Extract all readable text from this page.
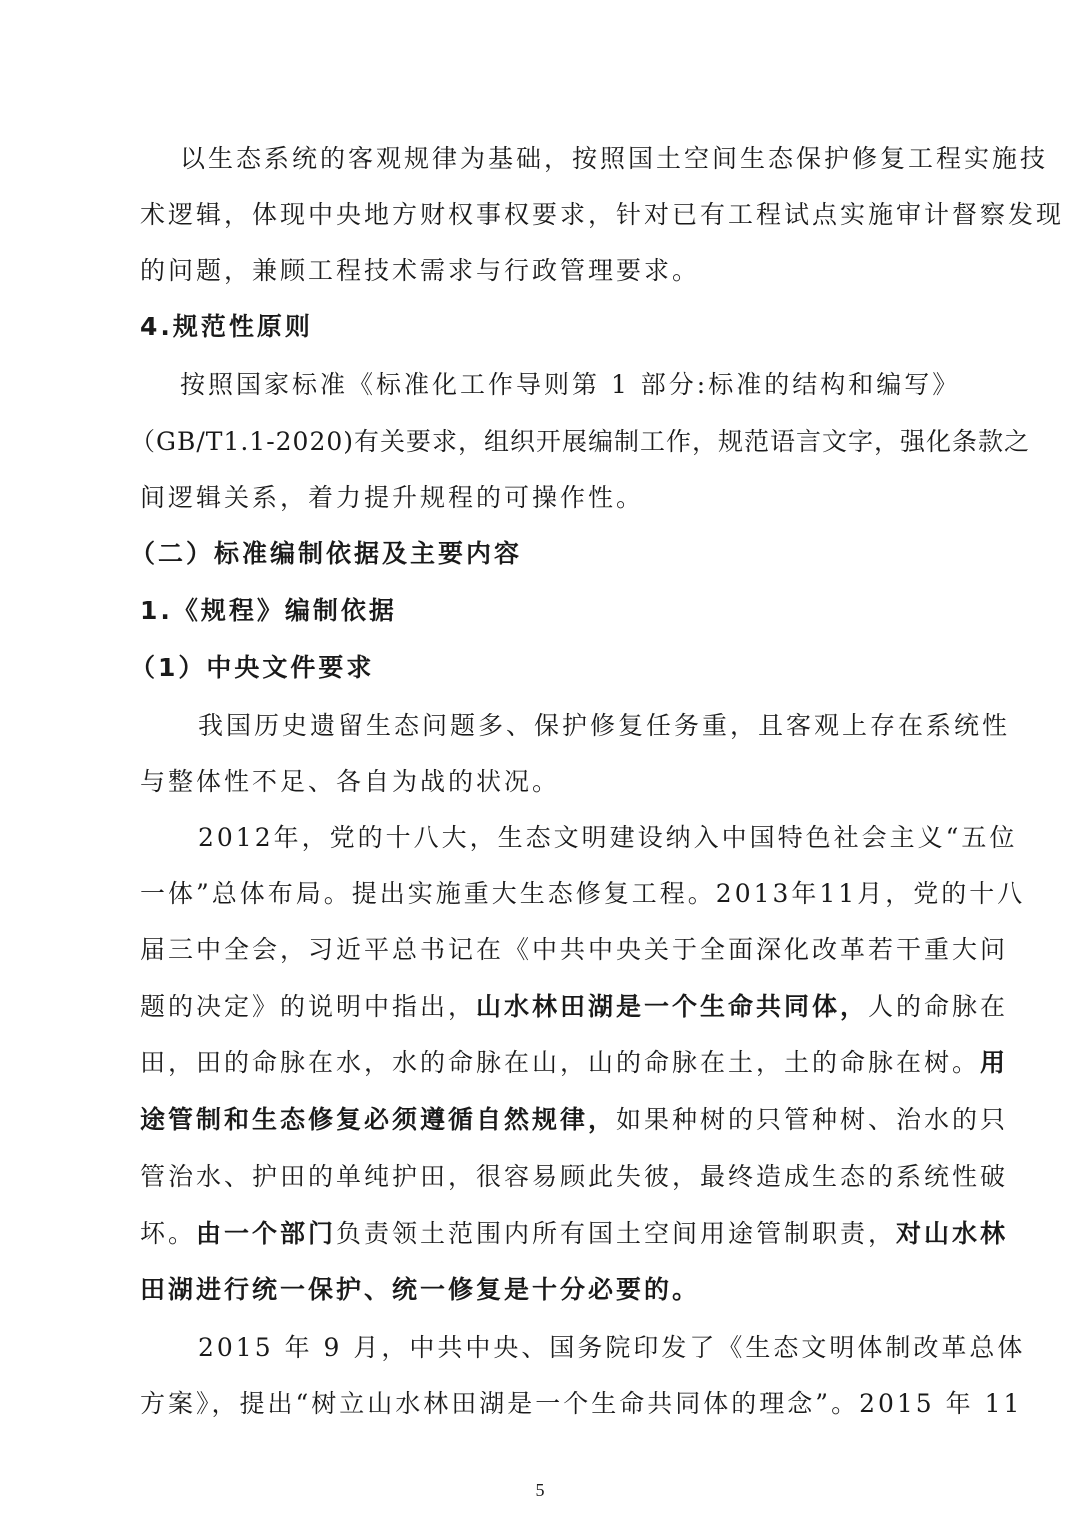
以生态系统的客观规律为基础，按照国土空间生态保护修复工程实施技
术逻辑，体现中央地方财权事权要求，针对已有工程试点实施审计督察发现
的问题，兼顾工程技术需求与行政管理要求。
4.规范性原则
按照国家标准《标准化工作导则第 1 部分:标准的结构和编写》
（GB/T1.1-2020)有关要求，组织开展编制工作，规范语言文字，强化条款之
间逻辑关系，着力提升规程的可操作性。
（二）标准编制依据及主要内容
1.《规程》编制依据
（1）中央文件要求
我国历史遗留生态问题多、保护修复任务重，且客观上存在系统性
与整体性不足、各自为战的状况。
2012年，党的十八大，生态文明建设纳入中国特色社会主义“五位
一体”总体布局。提出实施重大生态修复工程。2013年11月，党的十八
届三中全会，习近平总书记在《中共中央关于全面深化改革若干重大问
题的决定》的说明中指出，山水林田湖是一个生命共同体，人的命脉在
田，田的命脉在水，水的命脉在山，山的命脉在土，土的命脉在树。用
途管制和生态修复必须遵循自然规律，如果种树的只管种树、治水的只
管治水、护田的单纯护田，很容易顾此失彼，最终造成生态的系统性破
坏。由一个部门负责领土范围内所有国土空间用途管制职责，对山水林
田湖进行统一保护、统一修复是十分必要的。
2015 年 9 月，中共中央、国务院印发了《生态文明体制改革总体
方案》，提出“树立山水林田湖是一个生命共同体的理念”。2015 年 11
5
